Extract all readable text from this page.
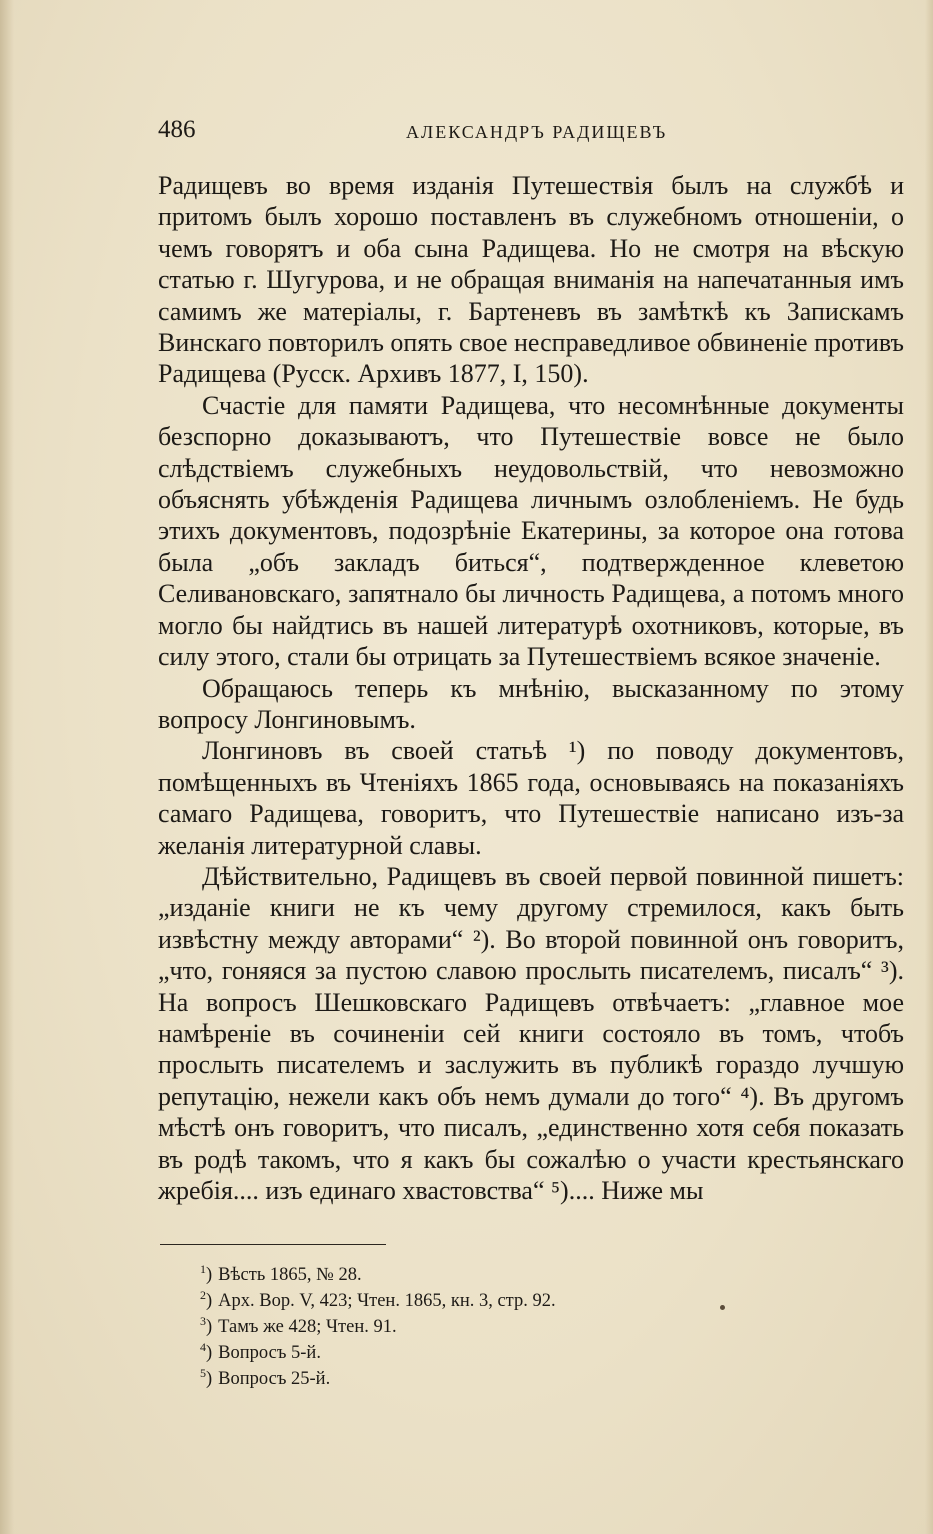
486	АЛЕКСАНДРЪ РАДИЩЕВЪ

Радищевъ во время изданія Путешествія былъ на службѣ и притомъ былъ хорошо поставленъ въ служебномъ отношеніи, о чемъ говорятъ и оба сына Радищева. Но не смотря на вѣскую статью г. Шугурова, и не обращая вниманія на напечатанныя имъ самимъ же матеріалы, г. Бартеневъ въ замѣткѣ къ Запискамъ Винскаго повторилъ опять свое несправедливое обвиненіе противъ Радищева (Русск. Архивъ 1877, I, 150).

Счастіе для памяти Радищева, что несомнѣнные документы безспорно доказываютъ, что Путешествіе вовсе не было слѣдствіемъ служебныхъ неудовольствій, что невозможно объяснять убѣжденія Радищева личнымъ озлобленіемъ. Не будь этихъ документовъ, подозрѣніе Екатерины, за которое она готова была „объ закладъ биться“, подтвержденное клеветою Селивановскаго, запятнало бы личность Радищева, а потомъ много могло бы найдтись въ нашей литературѣ охотниковъ, которые, въ силу этого, стали бы отрицать за Путешествіемъ всякое значеніе.

Обращаюсь теперь къ мнѣнію, высказанному по этому вопросу Лонгиновымъ.

Лонгиновъ въ своей статьѣ ¹) по поводу документовъ, помѣщенныхъ въ Чтеніяхъ 1865 года, основываясь на показаніяхъ самаго Радищева, говоритъ, что Путешествіе написано изъ-за желанія литературной славы.

Дѣйствительно, Радищевъ въ своей первой повинной пишетъ: „изданіе книги не къ чему другому стремилося, какъ быть извѣстну между авторами“ ²). Во второй повинной онъ говоритъ, „что, гоняяся за пустою славою прослыть писателемъ, писалъ“ ³). На вопросъ Шешковскаго Радищевъ отвѣчаетъ: „главное мое намѣреніе въ сочиненіи сей книги состояло въ томъ, чтобъ прослыть писателемъ и заслужить въ публикѣ гораздо лучшую репутацію, нежели какъ объ немъ думали до того“ ⁴). Въ другомъ мѣстѣ онъ говоритъ, что писалъ, „единственно хотя себя показать въ родѣ такомъ, что я какъ бы сожалѣю о участи крестьянскаго жребія.... изъ единаго хвастовства“ ⁵).... Ниже мы

$^1$) Вѣсть 1865, № 28.
$^2$) Арх. Вор. V, 423; Чтен. 1865, кн. 3, стр. 92.
$^3$) Тамъ же 428; Чтен. 91.
$^4$) Вопросъ 5-й.
$^5$) Вопросъ 25-й.
